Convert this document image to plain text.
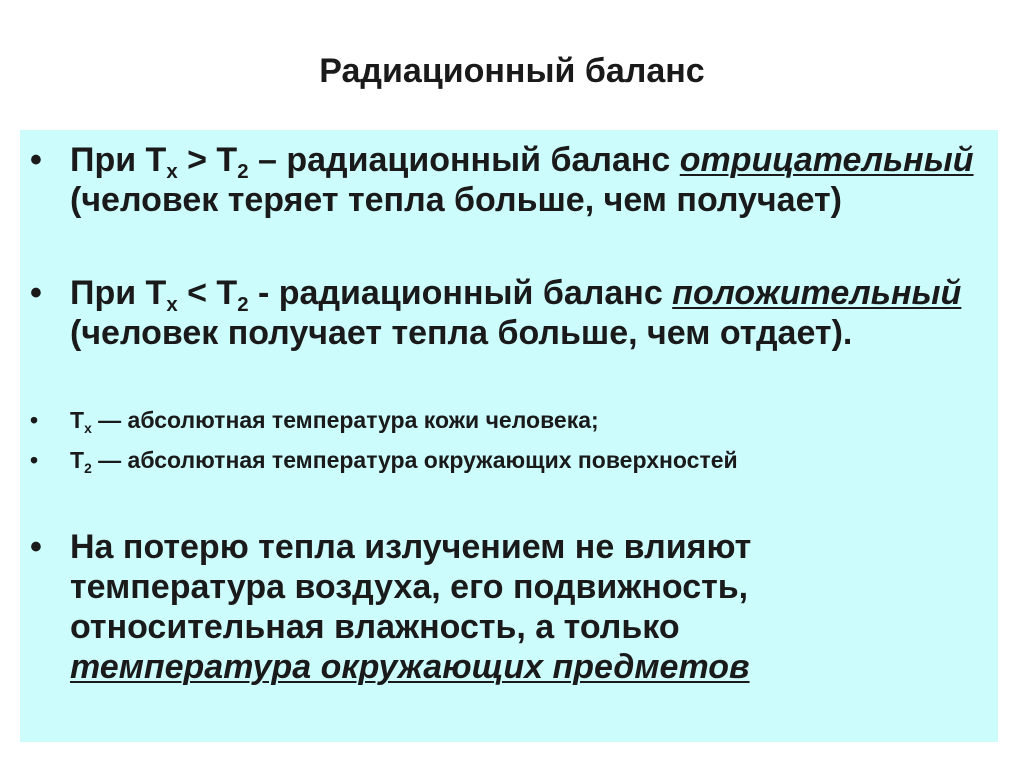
Радиационный баланс
• При $T_x > T_2$ – радиационный баланс отрицательный (человек теряет тепла больше, чем получает)
• При $T_x < T_2$ - радиационный баланс положительный (человек получает тепла больше, чем отдает).
• $T_x$ — абсолютная температура кожи человека;
• $T_2$ — абсолютная температура окружающих поверхностей
• На потерю тепла излучением не влияют температура воздуха, его подвижность, относительная влажность, а только температура окружающих предметов
